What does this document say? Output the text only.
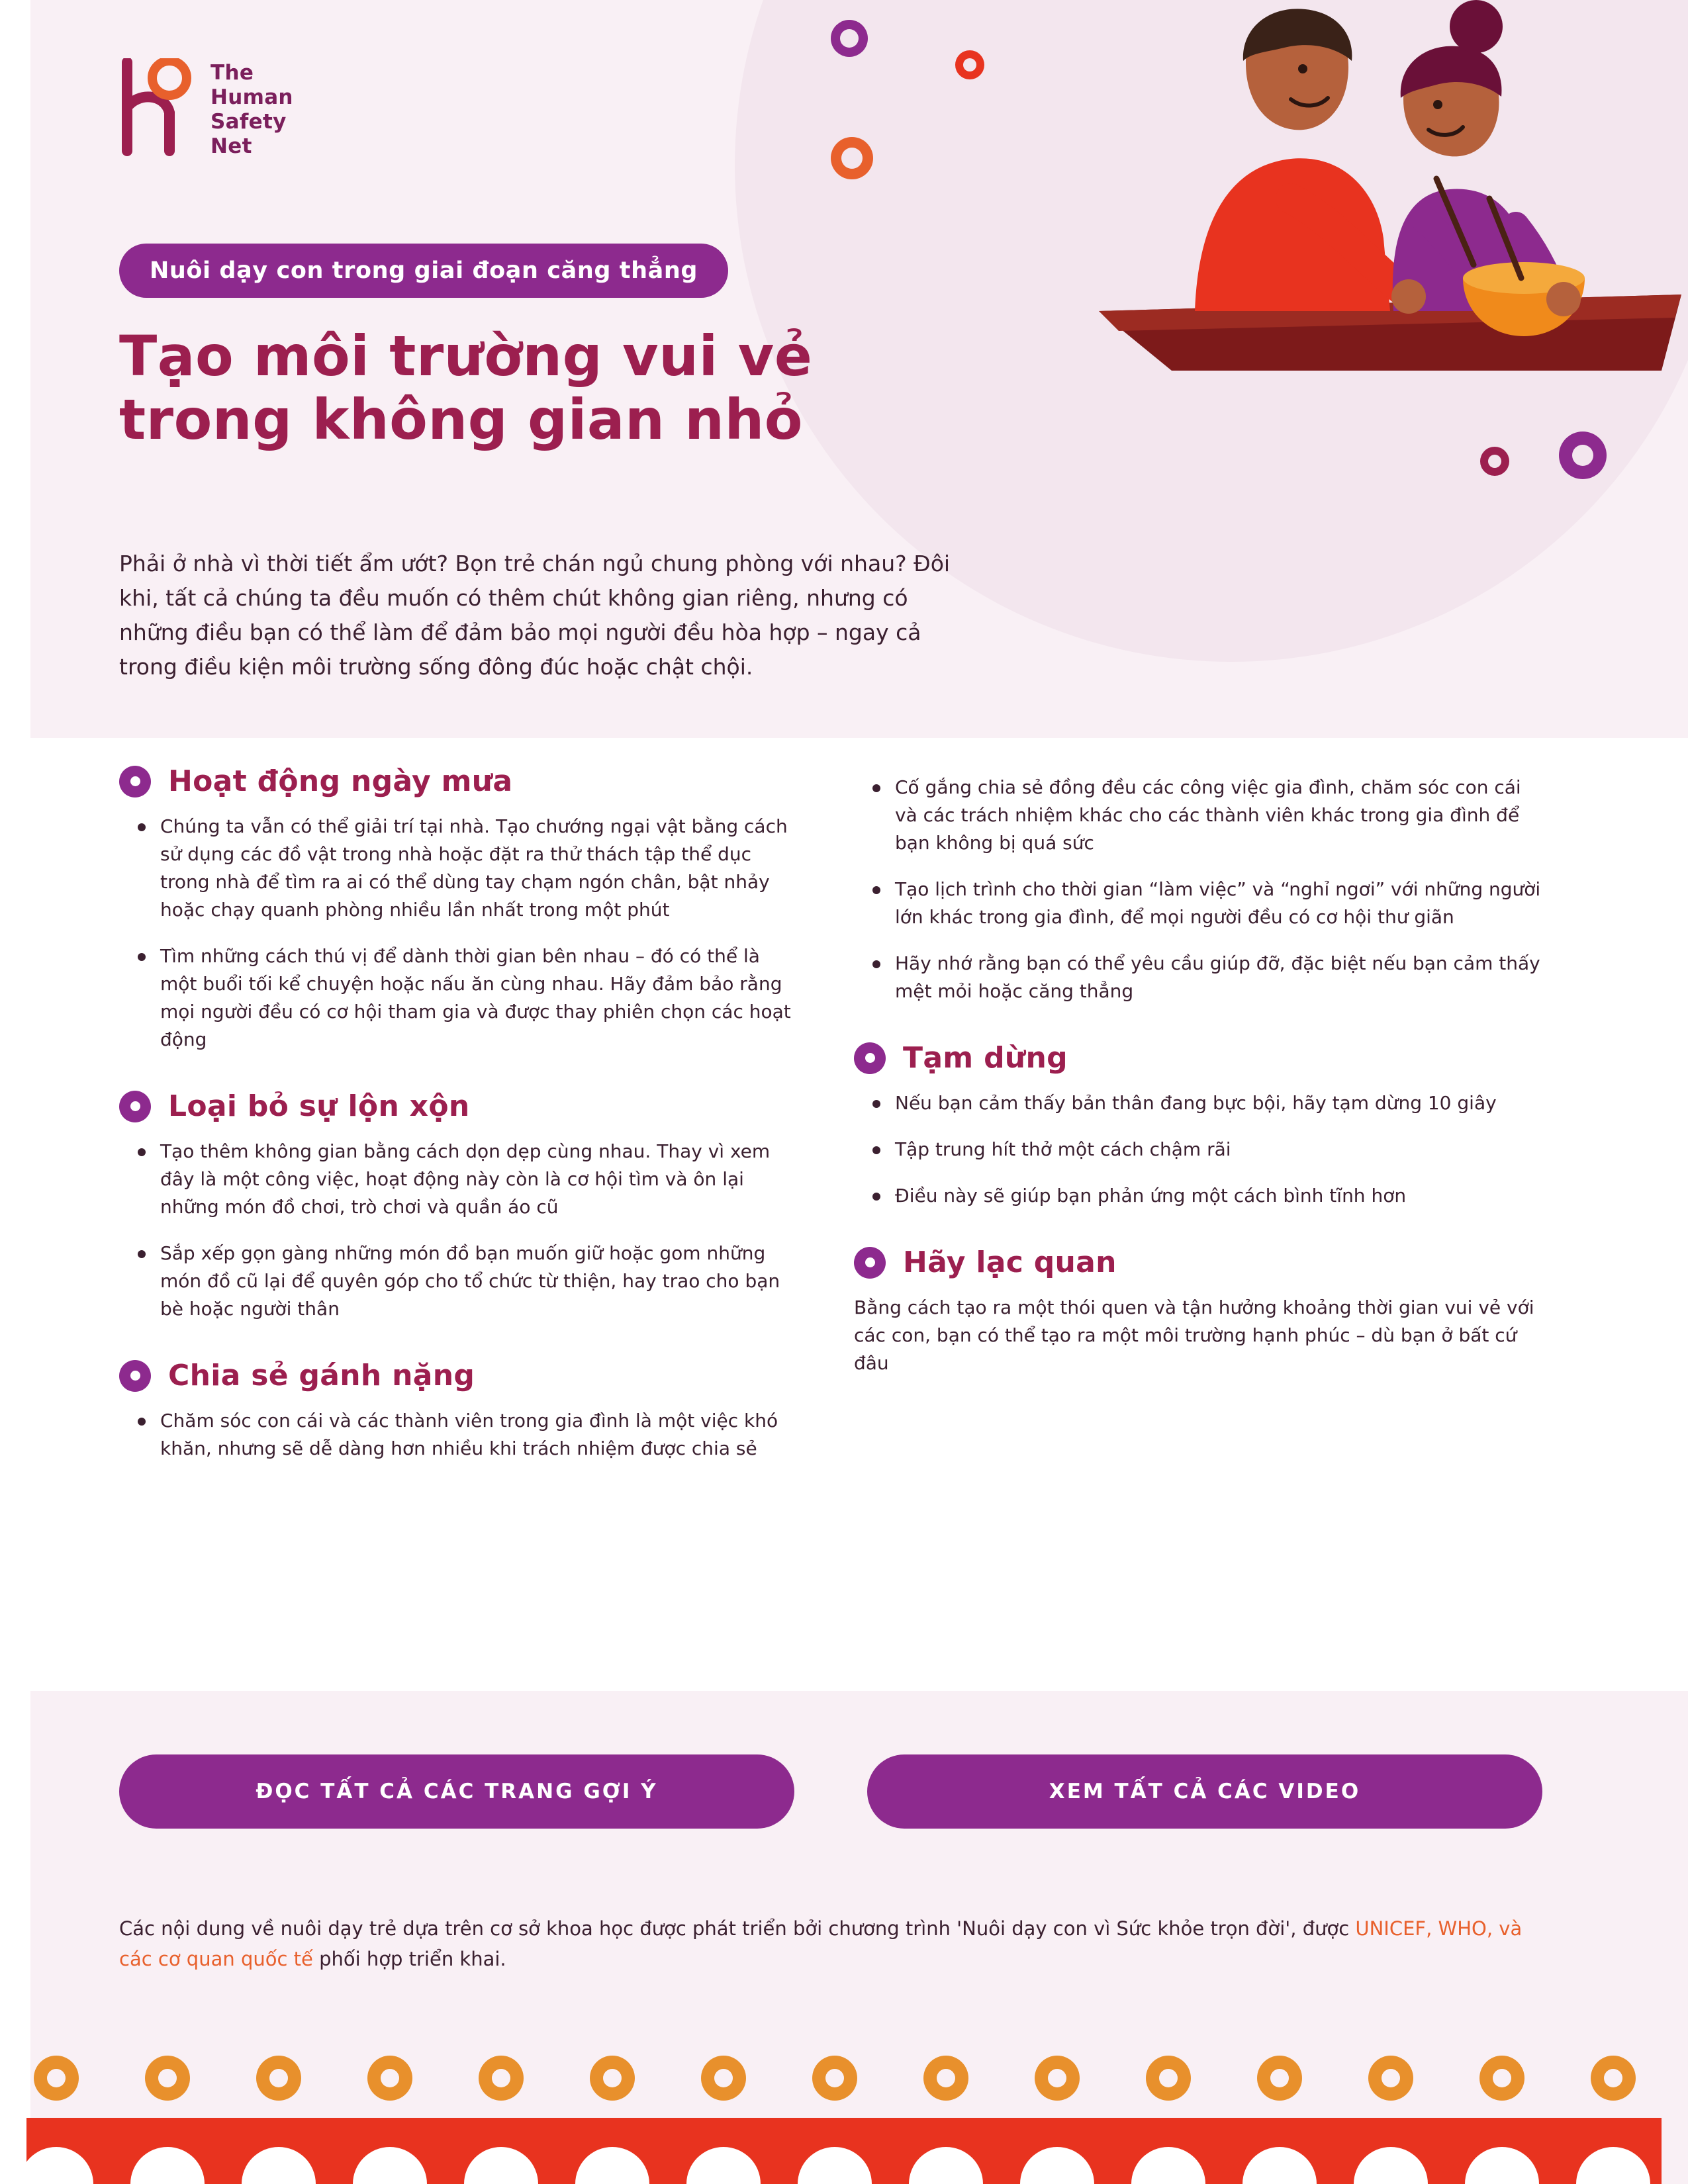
The
Human
Safety
Net
Nuôi dạy con trong giai đoạn căng thẳng
Tạo môi trường vui vẻ trong không gian nhỏ
Phải ở nhà vì thời tiết ẩm ướt? Bọn trẻ chán ngủ chung phòng với nhau? Đôi khi, tất cả chúng ta đều muốn có thêm chút không gian riêng, nhưng có những điều bạn có thể làm để đảm bảo mọi người đều hòa hợp – ngay cả trong điều kiện môi trường sống đông đúc hoặc chật chội.
Hoạt động ngày mưa
Chúng ta vẫn có thể giải trí tại nhà. Tạo chướng ngại vật bằng cách sử dụng các đồ vật trong nhà hoặc đặt ra thử thách tập thể dục trong nhà để tìm ra ai có thể dùng tay chạm ngón chân, bật nhảy hoặc chạy quanh phòng nhiều lần nhất trong một phút
Tìm những cách thú vị để dành thời gian bên nhau – đó có thể là một buổi tối kể chuyện hoặc nấu ăn cùng nhau. Hãy đảm bảo rằng mọi người đều có cơ hội tham gia và được thay phiên chọn các hoạt động
Loại bỏ sự lộn xộn
Tạo thêm không gian bằng cách dọn dẹp cùng nhau. Thay vì xem đây là một công việc, hoạt động này còn là cơ hội tìm và ôn lại những món đồ chơi, trò chơi và quần áo cũ
Sắp xếp gọn gàng những món đồ bạn muốn giữ hoặc gom những món đồ cũ lại để quyên góp cho tổ chức từ thiện, hay trao cho bạn bè hoặc người thân
Chia sẻ gánh nặng
Chăm sóc con cái và các thành viên trong gia đình là một việc khó khăn, nhưng sẽ dễ dàng hơn nhiều khi trách nhiệm được chia sẻ
Cố gắng chia sẻ đồng đều các công việc gia đình, chăm sóc con cái và các trách nhiệm khác cho các thành viên khác trong gia đình để bạn không bị quá sức
Tạo lịch trình cho thời gian “làm việc” và “nghỉ ngơi” với những người lớn khác trong gia đình, để mọi người đều có cơ hội thư giãn
Hãy nhớ rằng bạn có thể yêu cầu giúp đỡ, đặc biệt nếu bạn cảm thấy mệt mỏi hoặc căng thẳng
Tạm dừng
Nếu bạn cảm thấy bản thân đang bực bội, hãy tạm dừng 10 giây
Tập trung hít thở một cách chậm rãi
Điều này sẽ giúp bạn phản ứng một cách bình tĩnh hơn
Hãy lạc quan

Bằng cách tạo ra một thói quen và tận hưởng khoảng thời gian vui vẻ với các con, bạn có thể tạo ra một môi trường hạnh phúc – dù bạn ở bất cứ đâu

ĐỌC TẤT CẢ CÁC TRANG GỢI Ý	XEM TẤT CẢ CÁC VIDEO
Các nội dung về nuôi dạy trẻ dựa trên cơ sở khoa học được phát triển bởi chương trình 'Nuôi dạy con vì Sức khỏe trọn đời', được UNICEF, WHO, và các cơ quan quốc tế phối hợp triển khai.
